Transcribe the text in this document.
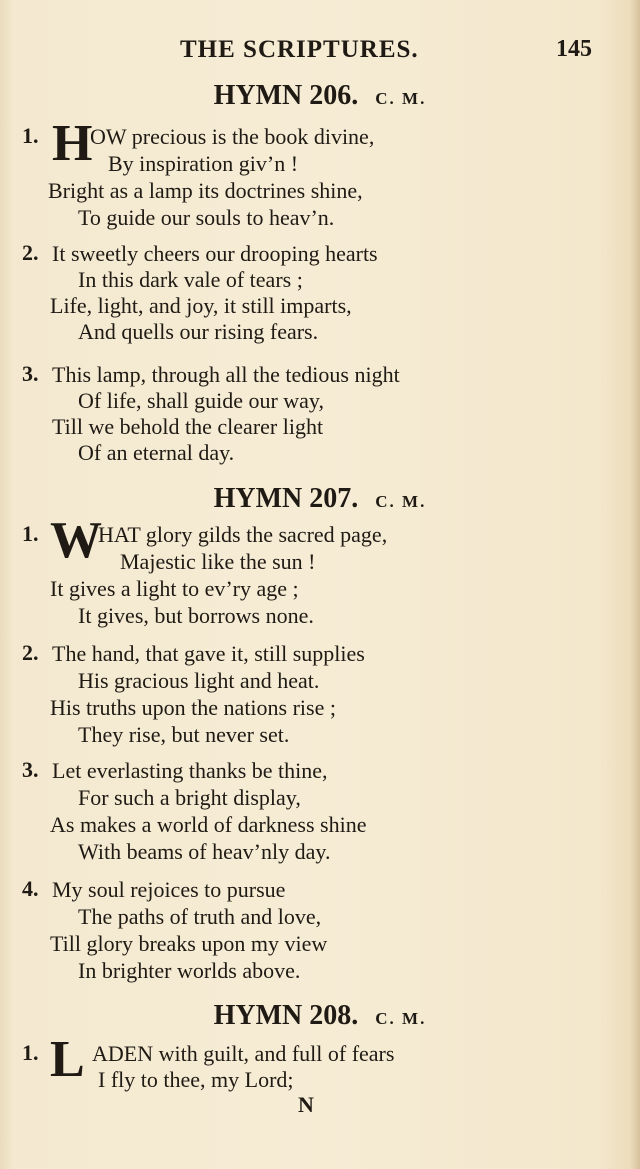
THE SCRIPTURES.	145
HYMN 206. C. M.
1. H
OW precious is the book divine,
By inspiration giv’n !
Bright as a lamp its doctrines shine,
To guide our souls to heav’n.
2. It sweetly cheers our drooping hearts
In this dark vale of tears ;
Life, light, and joy, it still imparts,
And quells our rising fears.
3. This lamp, through all the tedious night
Of life, shall guide our way,
Till we behold the clearer light
Of an eternal day.
HYMN 207. C. M.
1. W
HAT glory gilds the sacred page,
Majestic like the sun !
It gives a light to ev’ry age ;
It gives, but borrows none.
2. The hand, that gave it, still supplies
His gracious light and heat.
His truths upon the nations rise ;
They rise, but never set.
3. Let everlasting thanks be thine,
For such a bright display,
As makes a world of darkness shine
With beams of heav’nly day.
4. My soul rejoices to pursue
The paths of truth and love,
Till glory breaks upon my view
In brighter worlds above.
HYMN 208. C. M.
1. L ADEN with guilt, and full of fears
I fly to thee, my Lord;
N
